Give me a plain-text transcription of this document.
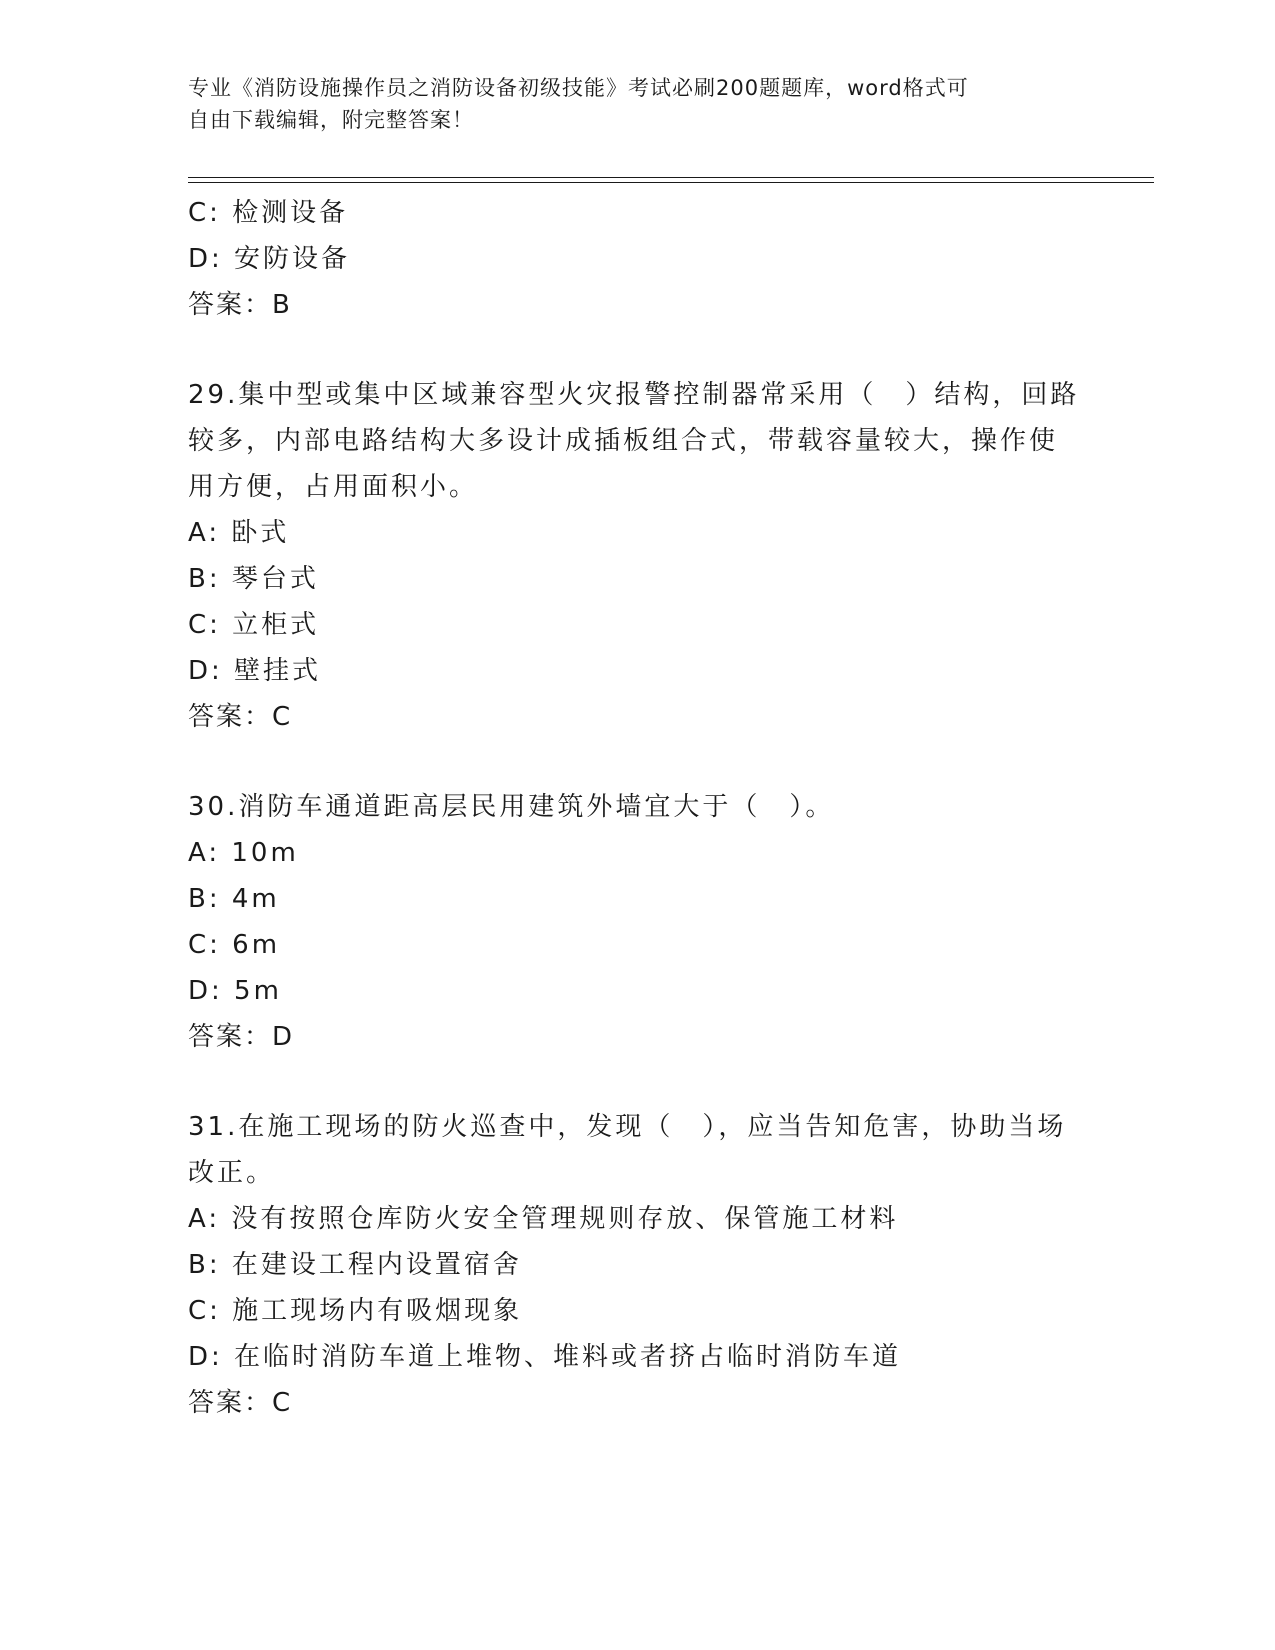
专业《消防设施操作员之消防设备初级技能》考试必刷200题题库，word格式可
自由下载编辑，附完整答案！
C: 检测设备
D: 安防设备
答案：B
29.集中型或集中区域兼容型火灾报警控制器常采用（　）结构，回路
较多，内部电路结构大多设计成插板组合式，带载容量较大，操作使
用方便，占用面积小。
A: 卧式
B: 琴台式
C: 立柜式
D: 壁挂式
答案：C
30.消防车通道距高层民用建筑外墙宜大于（　）。
A: 10m
B: 4m
C: 6m
D: 5m
答案：D
31.在施工现场的防火巡查中，发现（　），应当告知危害，协助当场
改正。
A: 没有按照仓库防火安全管理规则存放、保管施工材料
B: 在建设工程内设置宿舍
C: 施工现场内有吸烟现象
D: 在临时消防车道上堆物、堆料或者挤占临时消防车道
答案：C
